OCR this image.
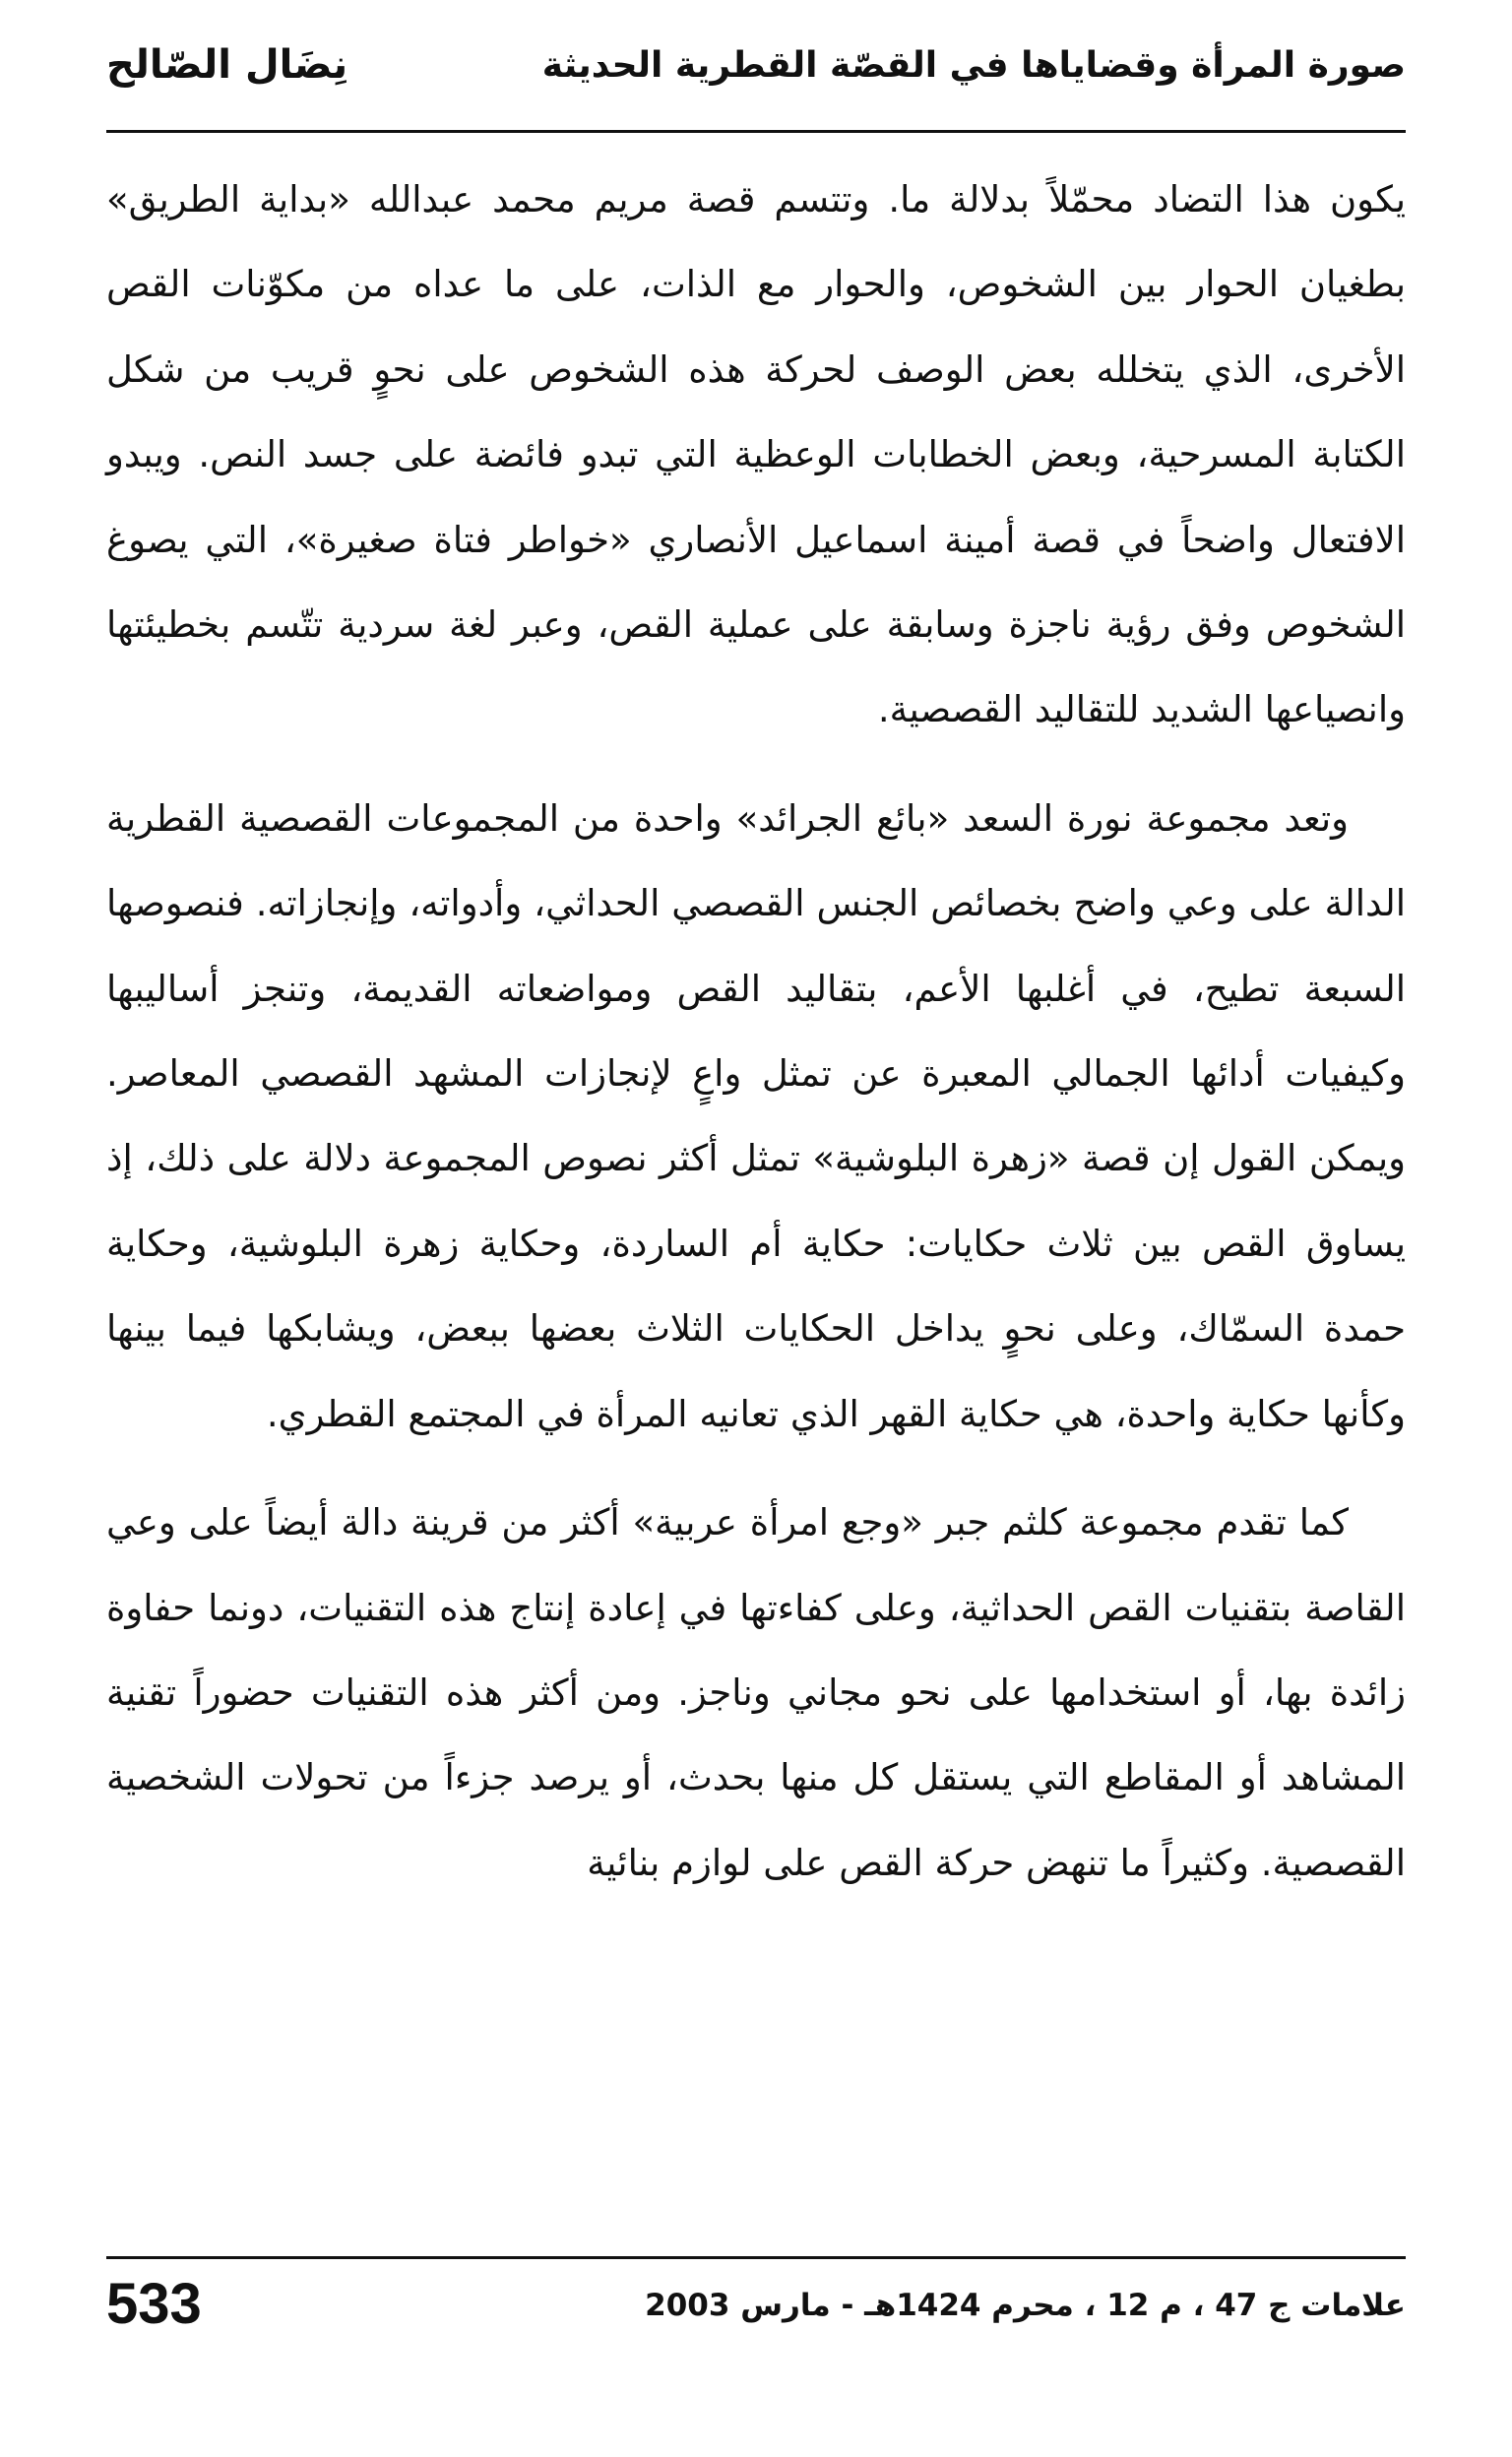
صورة المرأة وقضاياها في القصّة القطرية الحديثة
نِضَال الصّالح

يكون هذا التضاد محمّلاً بدلالة ما. وتتسم قصة مريم محمد عبدالله «بداية الطريق» بطغيان الحوار بين الشخوص، والحوار مع الذات، على ما عداه من مكوّنات القص الأخرى، الذي يتخلله بعض الوصف لحركة هذه الشخوص على نحوٍ قريب من شكل الكتابة المسرحية، وبعض الخطابات الوعظية التي تبدو فائضة على جسد النص. ويبدو الافتعال واضحاً في قصة أمينة اسماعيل الأنصاري «خواطر فتاة صغيرة»، التي يصوغ الشخوص وفق رؤية ناجزة وسابقة على عملية القص، وعبر لغة سردية تتّسم بخطيئتها وانصياعها الشديد للتقاليد القصصية.

وتعد مجموعة نورة السعد «بائع الجرائد» واحدة من المجموعات القصصية القطرية الدالة على وعي واضح بخصائص الجنس القصصي الحداثي، وأدواته، وإنجازاته. فنصوصها السبعة تطيح، في أغلبها الأعم، بتقاليد القص ومواضعاته القديمة، وتنجز أساليبها وكيفيات أدائها الجمالي المعبرة عن تمثل واعٍ لإنجازات المشهد القصصي المعاصر. ويمكن القول إن قصة «زهرة البلوشية» تمثل أكثر نصوص المجموعة دلالة على ذلك، إذ يساوق القص بين ثلاث حكايات: حكاية أم الساردة، وحكاية زهرة البلوشية، وحكاية حمدة السمّاك، وعلى نحوٍ يداخل الحكايات الثلاث بعضها ببعض، ويشابكها فيما بينها وكأنها حكاية واحدة، هي حكاية القهر الذي تعانيه المرأة في المجتمع القطري.

كما تقدم مجموعة كلثم جبر «وجع امرأة عربية» أكثر من قرينة دالة أيضاً على وعي القاصة بتقنيات القص الحداثية، وعلى كفاءتها في إعادة إنتاج هذه التقنيات، دونما حفاوة زائدة بها، أو استخدامها على نحو مجاني وناجز. ومن أكثر هذه التقنيات حضوراً تقنية المشاهد أو المقاطع التي يستقل كل منها بحدث، أو يرصد جزءاً من تحولات الشخصية القصصية. وكثيراً ما تنهض حركة القص على لوازم بنائية

علامات ج 47 ، م 12 ، محرم 1424هـ - مارس 2003
533
